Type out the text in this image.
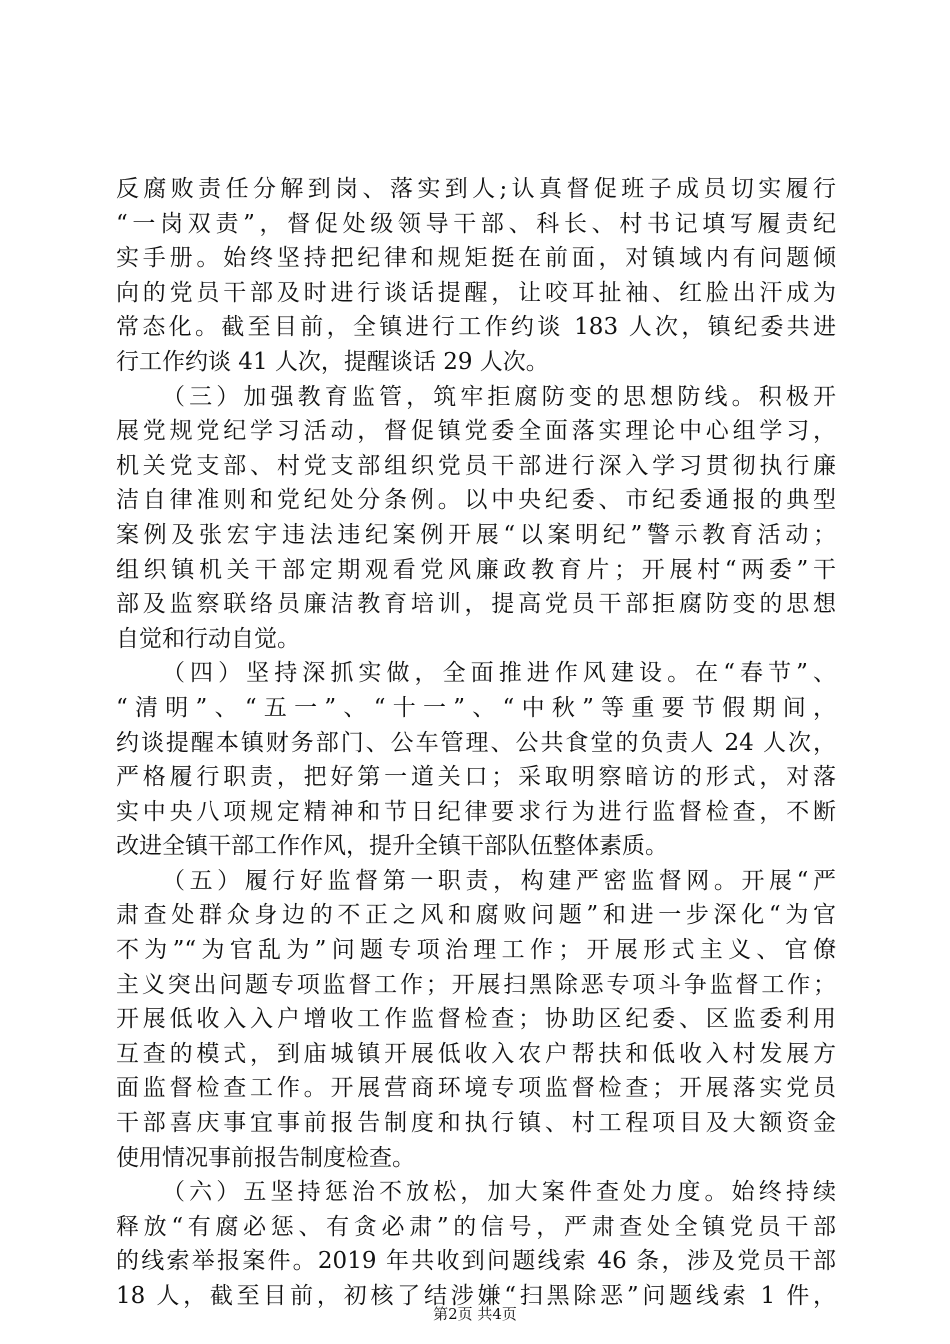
反腐败责任分解到岗、落实到人;认真督促班子成员切实履行
“一岗双责”，督促处级领导干部、科长、村书记填写履责纪
实手册。始终坚持把纪律和规矩挺在前面，对镇域内有问题倾
向的党员干部及时进行谈话提醒，让咬耳扯袖、红脸出汗成为
常态化。截至目前，全镇进行工作约谈 183 人次，镇纪委共进
行工作约谈 41 人次，提醒谈话 29 人次。
（三）加强教育监管，筑牢拒腐防变的思想防线。积极开
展党规党纪学习活动，督促镇党委全面落实理论中心组学习，
机关党支部、村党支部组织党员干部进行深入学习贯彻执行廉
洁自律准则和党纪处分条例。以中央纪委、市纪委通报的典型
案例及张宏宇违法违纪案例开展“以案明纪”警示教育活动；
组织镇机关干部定期观看党风廉政教育片；开展村“两委”干
部及监察联络员廉洁教育培训，提高党员干部拒腐防变的思想
自觉和行动自觉。
（四）坚持深抓实做，全面推进作风建设。在“春节”、
“清明”、“五一”、“十一”、“中秋”等重要节假期间，
约谈提醒本镇财务部门、公车管理、公共食堂的负责人 24 人次，
严格履行职责，把好第一道关口；采取明察暗访的形式，对落
实中央八项规定精神和节日纪律要求行为进行监督检查，不断
改进全镇干部工作作风，提升全镇干部队伍整体素质。
（五）履行好监督第一职责，构建严密监督网。开展“严
肃查处群众身边的不正之风和腐败问题”和进一步深化“为官
不为”“为官乱为”问题专项治理工作；开展形式主义、官僚
主义突出问题专项监督工作；开展扫黑除恶专项斗争监督工作；
开展低收入入户增收工作监督检查；协助区纪委、区监委利用
互查的模式，到庙城镇开展低收入农户帮扶和低收入村发展方
面监督检查工作。开展营商环境专项监督检查；开展落实党员
干部喜庆事宜事前报告制度和执行镇、村工程项目及大额资金
使用情况事前报告制度检查。
（六）五坚持惩治不放松，加大案件查处力度。始终持续
释放“有腐必惩、有贪必肃”的信号，严肃查处全镇党员干部
的线索举报案件。2019 年共收到问题线索 46 条，涉及党员干部
18 人，截至目前，初核了结涉嫌“扫黑除恶”问题线索 1 件，
第2页 共4页
